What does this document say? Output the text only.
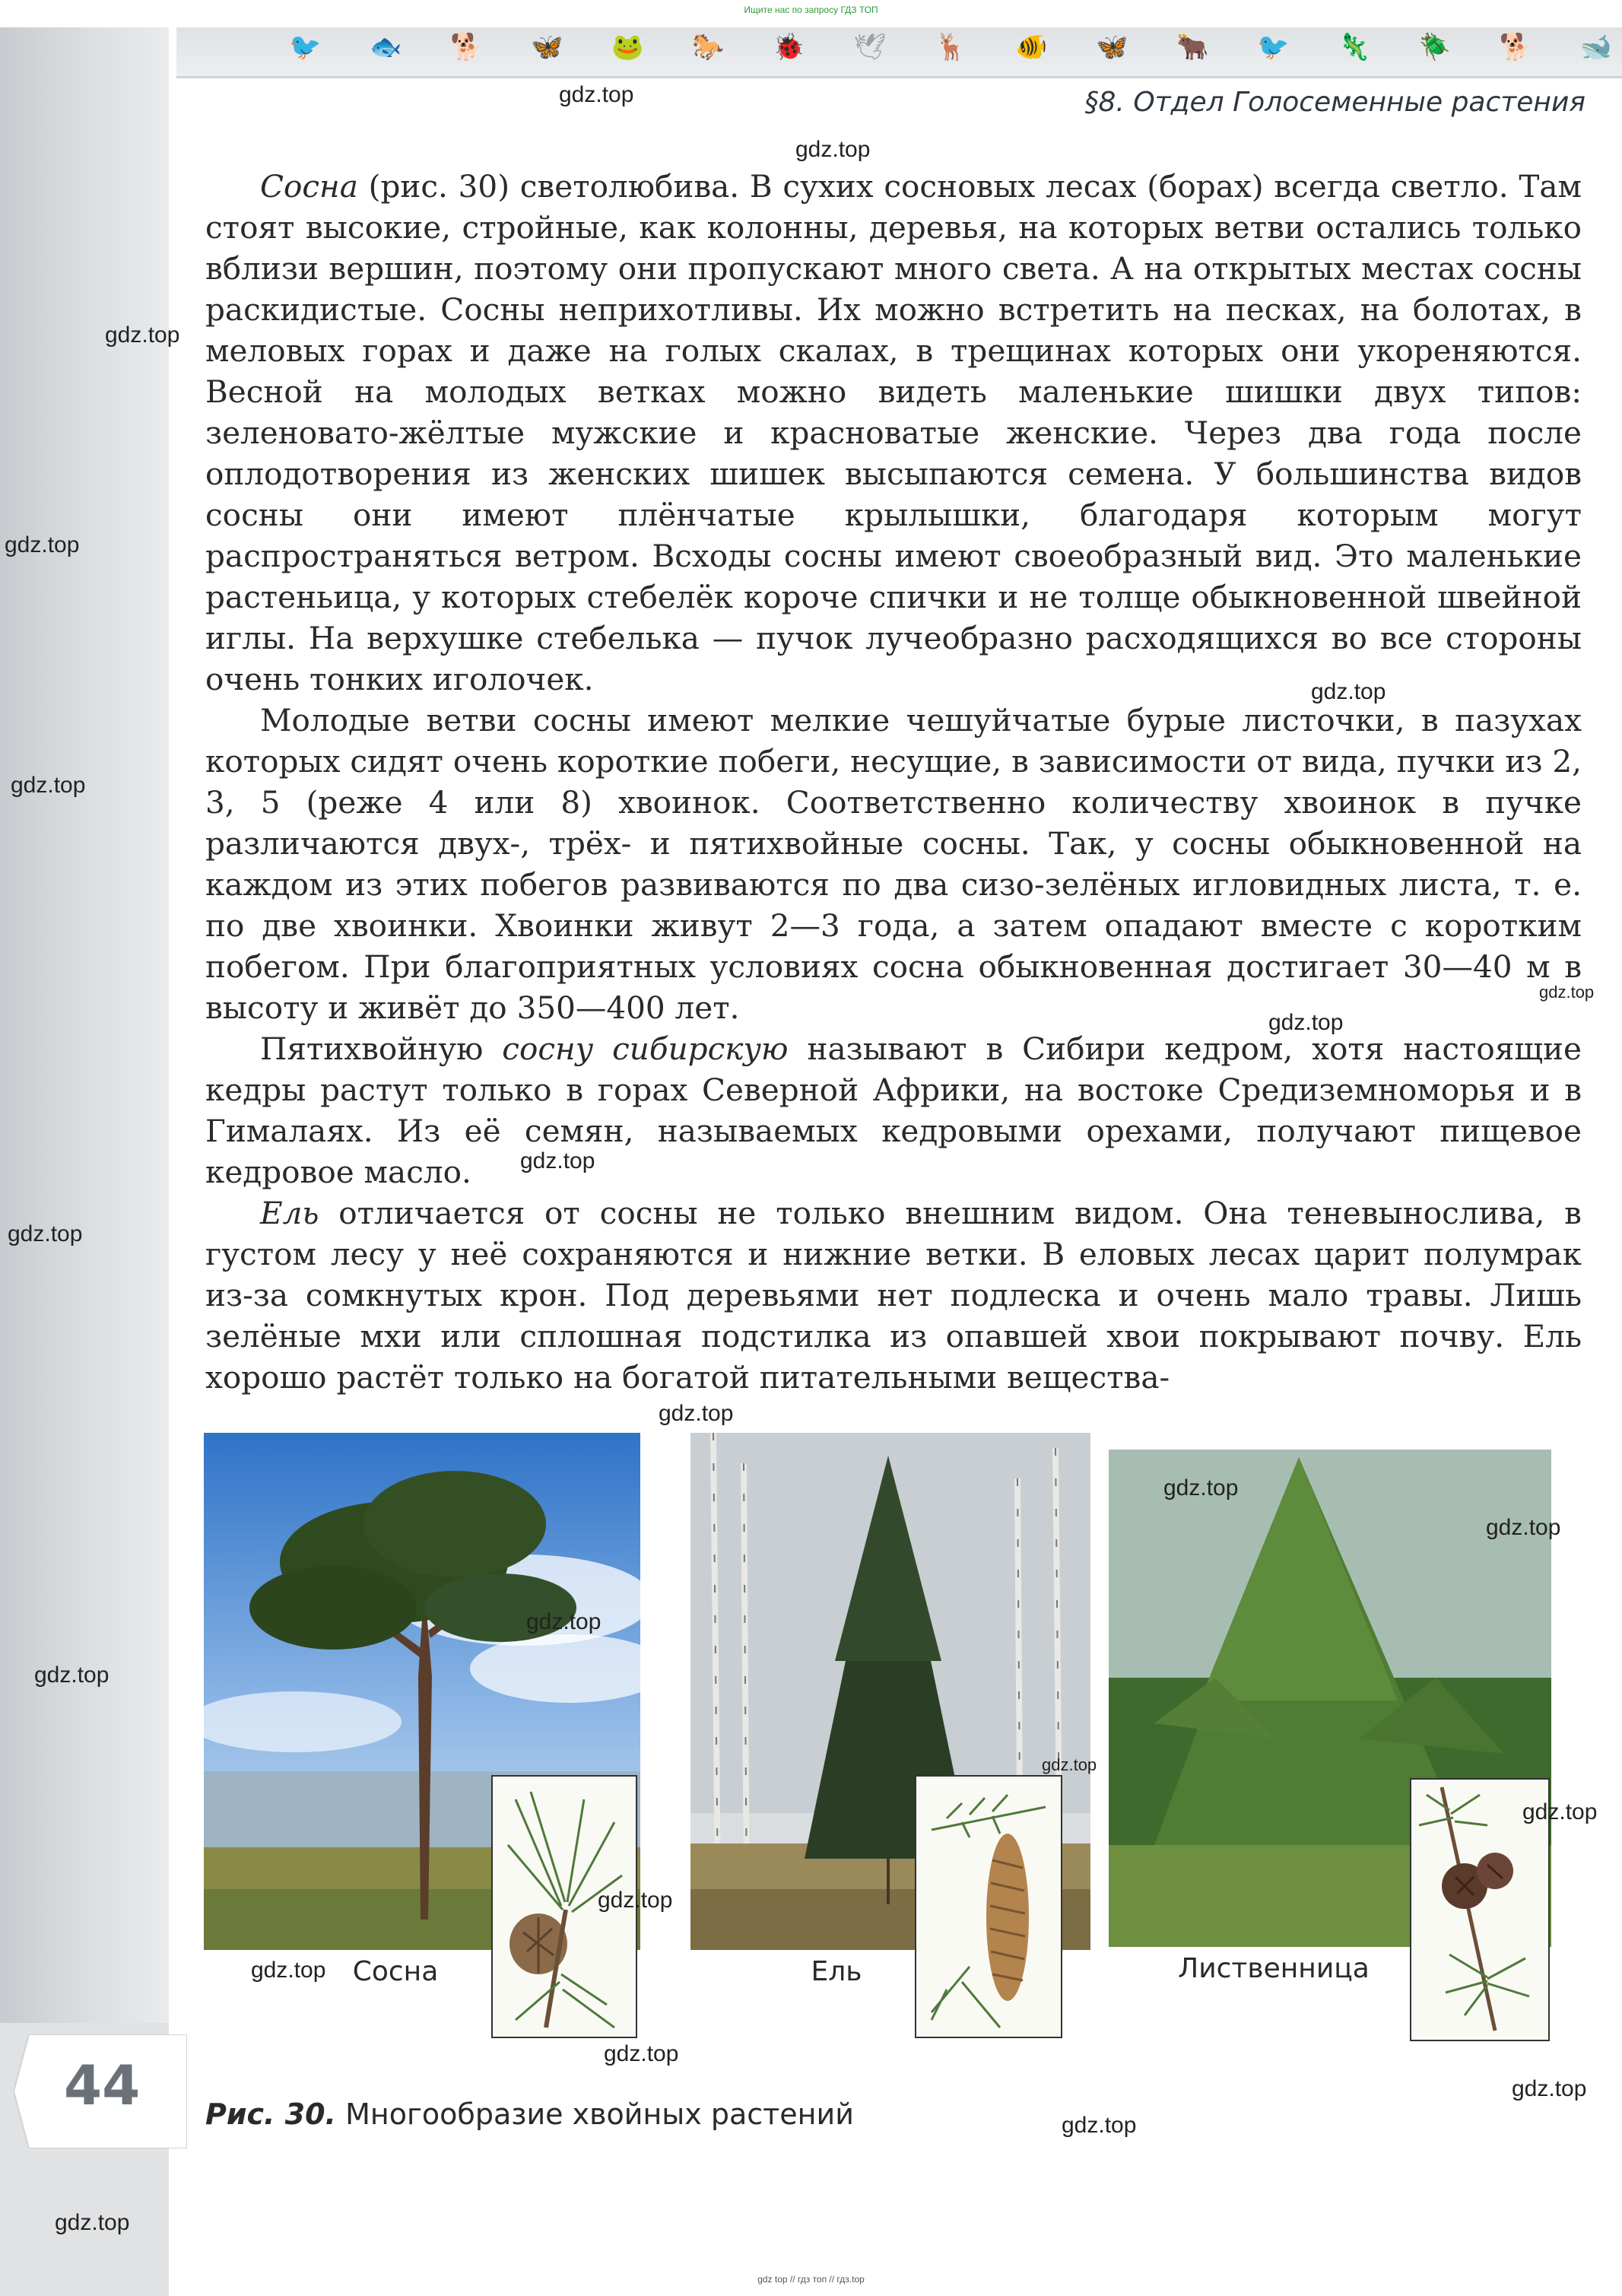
Ищите нас по запросу ГДЗ ТОП
🐦 🐟 🐕 🦋 🐸 🐎 🐞 🕊 🦌 🐠 🦋 🐂 🐦 🦎 🪲 🐕 🐋
§8. Отдел Голосеменные растения

Сосна (рис. 30) светолюбива. В сухих сосновых лесах (борах) всегда светло. Там стоят высокие, стройные, как колонны, деревья, на которых ветви остались только вблизи вершин, поэтому они пропускают много света. А на открытых местах сосны раскидистые. Сосны неприхотливы. Их можно встретить на песках, на болотах, в меловых горах и даже на голых скалах, в трещинах которых они укореняются. Весной на молодых ветках можно видеть маленькие шишки двух типов: зеленовато-жёлтые мужские и красноватые женские. Через два года после оплодотворения из женских шишек высыпаются семена. У большинства видов сосны они имеют плёнчатые крылышки, благодаря которым могут распространяться ветром. Всходы сосны имеют своеобразный вид. Это маленькие растеньица, у которых стебелёк короче спички и не толще обыкновенной швейной иглы. На верхушке стебелька — пучок лучеобразно расходящихся во все стороны очень тонких иголочек.

Молодые ветви сосны имеют мелкие чешуйчатые бурые листочки, в пазухах которых сидят очень короткие побеги, несущие, в зависимости от вида, пучки из 2, 3, 5 (реже 4 или 8) хвоинок. Соответственно количеству хвоинок в пучке различаются двух-, трёх- и пятихвойные сосны. Так, у сосны обыкновенной на каждом из этих побегов развиваются по два сизо-зелёных игловидных листа, т. е. по две хвоинки. Хвоинки живут 2—3 года, а затем опадают вместе с коротким побегом. При благоприятных условиях сосна обыкновенная достигает 30—40 м в высоту и живёт до 350—400 лет.

Пятихвойную сосну сибирскую называют в Сибири кедром, хотя настоящие кедры растут только в горах Северной Африки, на востоке Средиземноморья и в Гималаях. Из её семян, называемых кедровыми орехами, получают пищевое кедровое масло.

Ель отличается от сосны не только внешним видом. Она теневынослива, в густом лесу у неё сохраняются и нижние ветки. В еловых лесах царит полумрак из-за сомкнутых крон. Под деревьями нет подлеска и очень мало травы. Лишь зелёные мхи или сплошная подстилка из опавшей хвои покрывают почву. Ель хорошо растёт только на богатой питательными вещества-

Сосна	Ель	Лиственница
44 Рис. 30. Многообразие хвойных растений
gdz.top
gdz.top
gdz.top
gdz.top
gdz.top
gdz.top
gdz.top
gdz.top
gdz.top
gdz.top
gdz.top
gdz.top
gdz.top
gdz.top
gdz.top
gdz.top
gdz.top
gdz.top
gdz.top
gdz.top
gdz.top
gdz.top
gdz.top
gdz top // гдз топ // гдз.top
